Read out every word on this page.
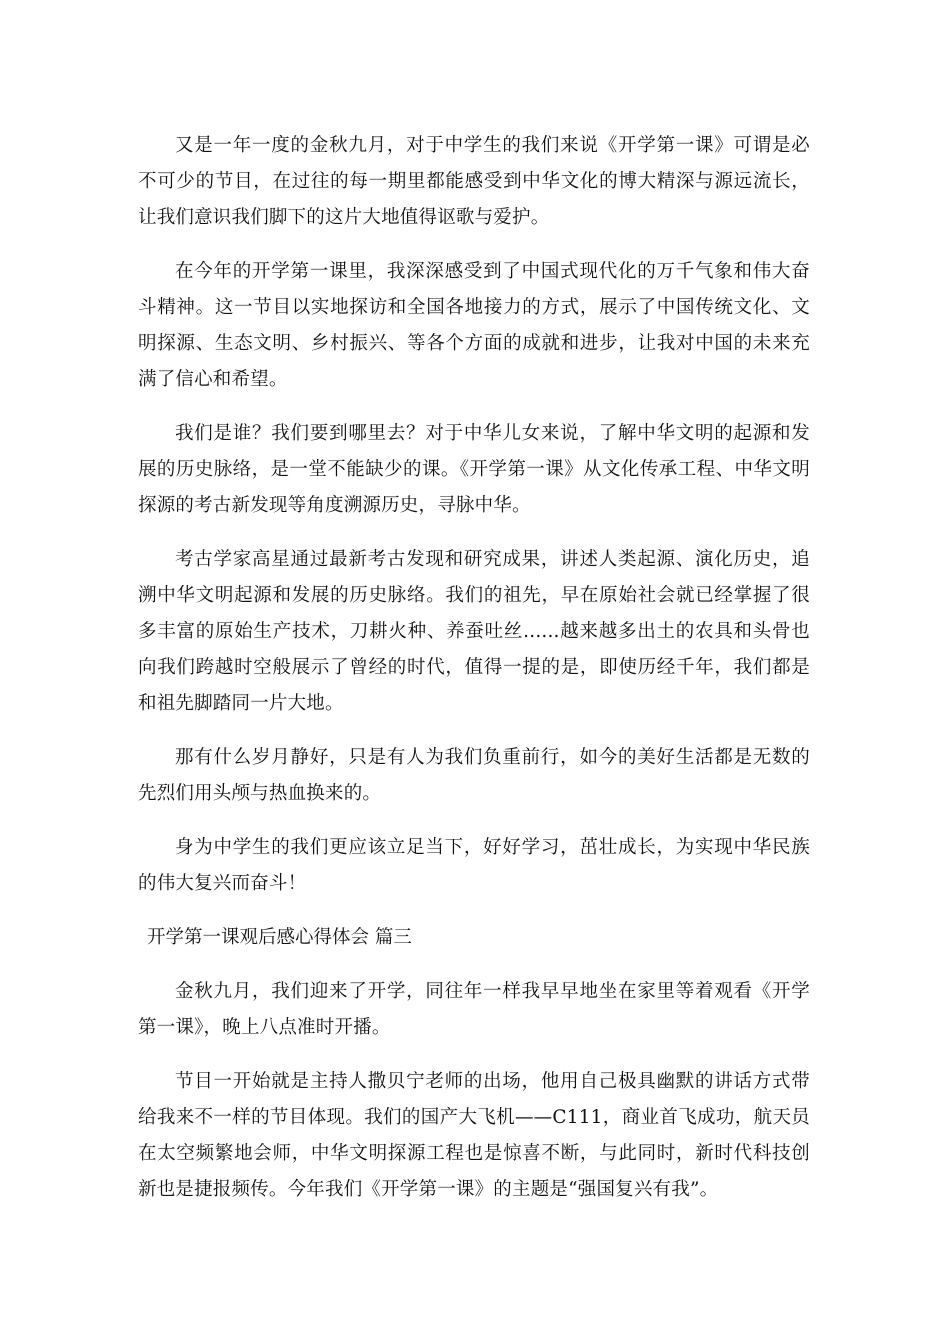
又是一年一度的金秋九月，对于中学生的我们来说《开学第一课》可谓是必不可少的节目，在过往的每一期里都能感受到中华文化的博大精深与源远流长，让我们意识我们脚下的这片大地值得讴歌与爱护。

在今年的开学第一课里，我深深感受到了中国式现代化的万千气象和伟大奋斗精神。这一节目以实地探访和全国各地接力的方式，展示了中国传统文化、文明探源、生态文明、乡村振兴、等各个方面的成就和进步，让我对中国的未来充满了信心和希望。

我们是谁？我们要到哪里去？对于中华儿女来说，了解中华文明的起源和发展的历史脉络，是一堂不能缺少的课。《开学第一课》从文化传承工程、中华文明探源的考古新发现等角度溯源历史，寻脉中华。

考古学家高星通过最新考古发现和研究成果，讲述人类起源、演化历史，追溯中华文明起源和发展的历史脉络。我们的祖先，早在原始社会就已经掌握了很多丰富的原始生产技术，刀耕火种、养蚕吐丝......越来越多出土的农具和头骨也向我们跨越时空般展示了曾经的时代，值得一提的是，即使历经千年，我们都是和祖先脚踏同一片大地。

那有什么岁月静好，只是有人为我们负重前行，如今的美好生活都是无数的先烈们用头颅与热血换来的。

身为中学生的我们更应该立足当下，好好学习，茁壮成长，为实现中华民族的伟大复兴而奋斗！

开学第一课观后感心得体会 篇三

金秋九月，我们迎来了开学，同往年一样我早早地坐在家里等着观看《开学第一课》，晚上八点准时开播。

节目一开始就是主持人撒贝宁老师的出场，他用自己极具幽默的讲话方式带给我来不一样的节目体现。我们的国产大飞机——C111，商业首飞成功，航天员在太空频繁地会师，中华文明探源工程也是惊喜不断，与此同时，新时代科技创新也是捷报频传。今年我们《开学第一课》的主题是“强国复兴有我”。
